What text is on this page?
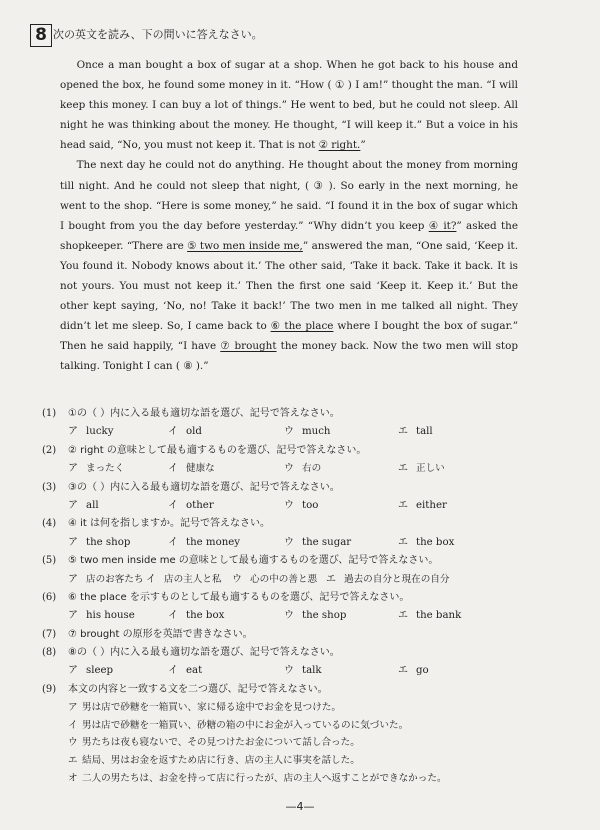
8 次の英文を読み、下の問いに答えなさい。

Once a man bought a box of sugar at a shop. When he got back to his house and opened the box, he found some money in it. “How ( ① ) I am!” thought the man. “I will keep this money. I can buy a lot of things.” He went to bed, but he could not sleep. All night he was thinking about the money. He thought, “I will keep it.” But a voice in his head said, “No, you must not keep it. That is not ② right.”

The next day he could not do anything. He thought about the money from morning till night. And he could not sleep that night, ( ③ ). So early in the next morning, he went to the shop. “Here is some money,” he said. “I found it in the box of sugar which I bought from you the day before yesterday.” “Why didn’t you keep ④ it?” asked the shopkeeper. “There are ⑤ two men inside me,” answered the man, “One said, ‘Keep it. You found it. Nobody knows about it.’ The other said, ‘Take it back. Take it back. It is not yours. You must not keep it.’ Then the first one said ‘Keep it. Keep it.’ But the other kept saying, ‘No, no! Take it back!’ The two men in me talked all night. They didn’t let me sleep. So, I came back to ⑥ the place where I bought the box of sugar.” Then he said happily, “I have ⑦ brought the money back. Now the two men will stop talking. Tonight I can ( ⑧ ).”

(1) ①の（ ）内に入る最も適切な語を選び、記号で答えなさい。
ア lucky	イ old	ウ much	エ tall
(2) ② right の意味として最も適するものを選び、記号で答えなさい。
ア まったく	イ 健康な	ウ 右の	エ 正しい
(3) ③の（ ）内に入る最も適切な語を選び、記号で答えなさい。
ア all	イ other	ウ too	エ either
(4) ④ it は何を指しますか。記号で答えなさい。
ア the shop	イ the money	ウ the sugar	エ the box
(5) ⑤ two men inside me の意味として最も適するものを選び、記号で答えなさい。
ア 店のお客たち イ 店の主人と私 ウ 心の中の善と悪 エ 過去の自分と現在の自分
(6) ⑥ the place を示すものとして最も適するものを選び、記号で答えなさい。
ア his house	イ the box	ウ the shop	エ the bank
(7) ⑦ brought の原形を英語で書きなさい。
(8) ⑧の（ ）内に入る最も適切な語を選び、記号で答えなさい。
ア sleep	イ eat	ウ talk	エ go
(9) 本文の内容と一致する文を二つ選び、記号で答えなさい。
ア 男は店で砂糖を一箱買い、家に帰る途中でお金を見つけた。
イ 男は店で砂糖を一箱買い、砂糖の箱の中にお金が入っているのに気づいた。
ウ 男たちは夜も寝ないで、その見つけたお金について話し合った。
エ 結局、男はお金を返すため店に行き、店の主人に事実を話した。
オ 二人の男たちは、お金を持って店に行ったが、店の主人へ返すことができなかった。
—4—
